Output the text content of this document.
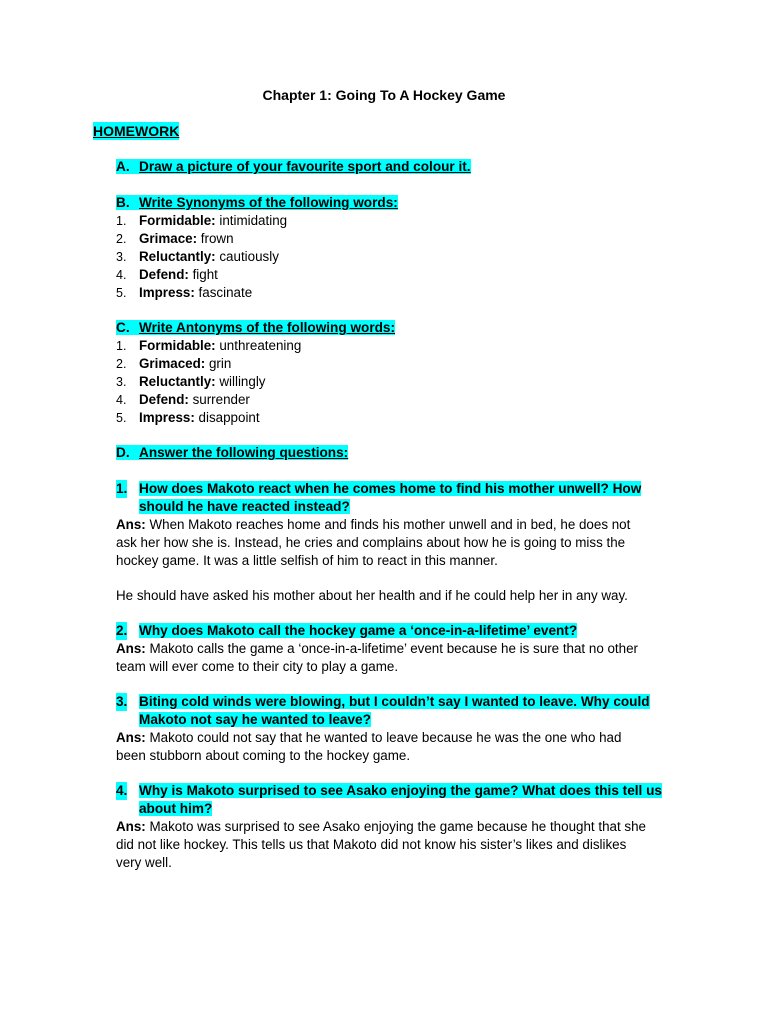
Chapter 1: Going To A Hockey Game
HOMEWORK
A. Draw a picture of your favourite sport and colour it.
B. Write Synonyms of the following words:
1. Formidable: intimidating
2. Grimace: frown
3. Reluctantly: cautiously
4. Defend: fight
5. Impress: fascinate
C. Write Antonyms of the following words:
1. Formidable: unthreatening
2. Grimaced: grin
3. Reluctantly: willingly
4. Defend: surrender
5. Impress: disappoint
D. Answer the following questions:
1. How does Makoto react when he comes home to find his mother unwell? How
should he have reacted instead?
Ans: When Makoto reaches home and finds his mother unwell and in bed, he does not
ask her how she is. Instead, he cries and complains about how he is going to miss the
hockey game. It was a little selfish of him to react in this manner.
He should have asked his mother about her health and if he could help her in any way.
2. Why does Makoto call the hockey game a ‘once-in-a-lifetime’ event?
Ans: Makoto calls the game a ‘once-in-a-lifetime’ event because he is sure that no other
team will ever come to their city to play a game.
3. Biting cold winds were blowing, but I couldn’t say I wanted to leave. Why could
Makoto not say he wanted to leave?
Ans: Makoto could not say that he wanted to leave because he was the one who had
been stubborn about coming to the hockey game.
4. Why is Makoto surprised to see Asako enjoying the game? What does this tell us
about him?
Ans: Makoto was surprised to see Asako enjoying the game because he thought that she
did not like hockey. This tells us that Makoto did not know his sister’s likes and dislikes
very well.
